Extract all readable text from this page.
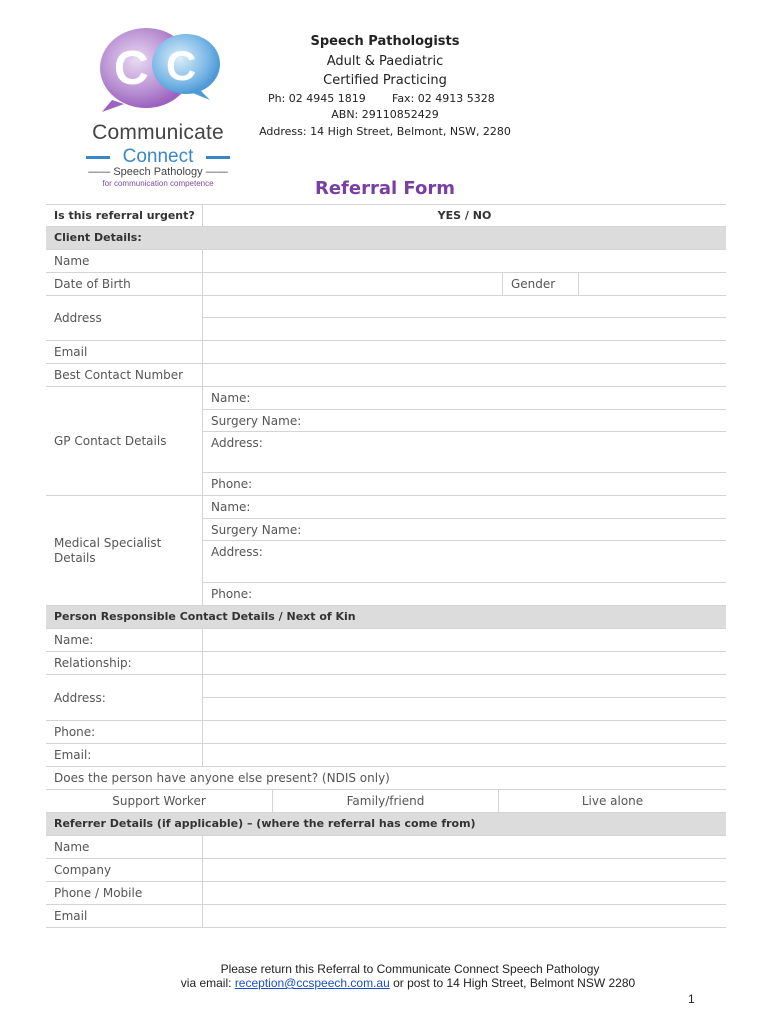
C C
Communicate
Connect
—— Speech Pathology ——
for communication competence
Speech Pathologists
Adult & Paediatric
Certified Practicing
Ph: 02 4945 1819 Fax: 02 4913 5328
ABN: 29110852429
Address: 14 High Street, Belmont, NSW, 2280
Referral Form
Is this referral urgent?	YES / NO
Client Details:
Name
Date of Birth	Gender
Address
Email
Best Contact Number
GP Contact Details
Name:
Surgery Name:
Address:
Phone:
Medical Specialist Details
Name:
Surgery Name:
Address:
Phone:
Person Responsible Contact Details / Next of Kin
Name:
Relationship:
Address:
Phone:
Email:
Does the person have anyone else present? (NDIS only)
Support Worker	Family/friend	Live alone
Referrer Details (if applicable) – (where the referral has come from)
Name
Company
Phone / Mobile
Email
Please return this Referral to Communicate Connect Speech Pathology
via email: reception@ccspeech.com.au or post to 14 High Street, Belmont NSW 2280
1
